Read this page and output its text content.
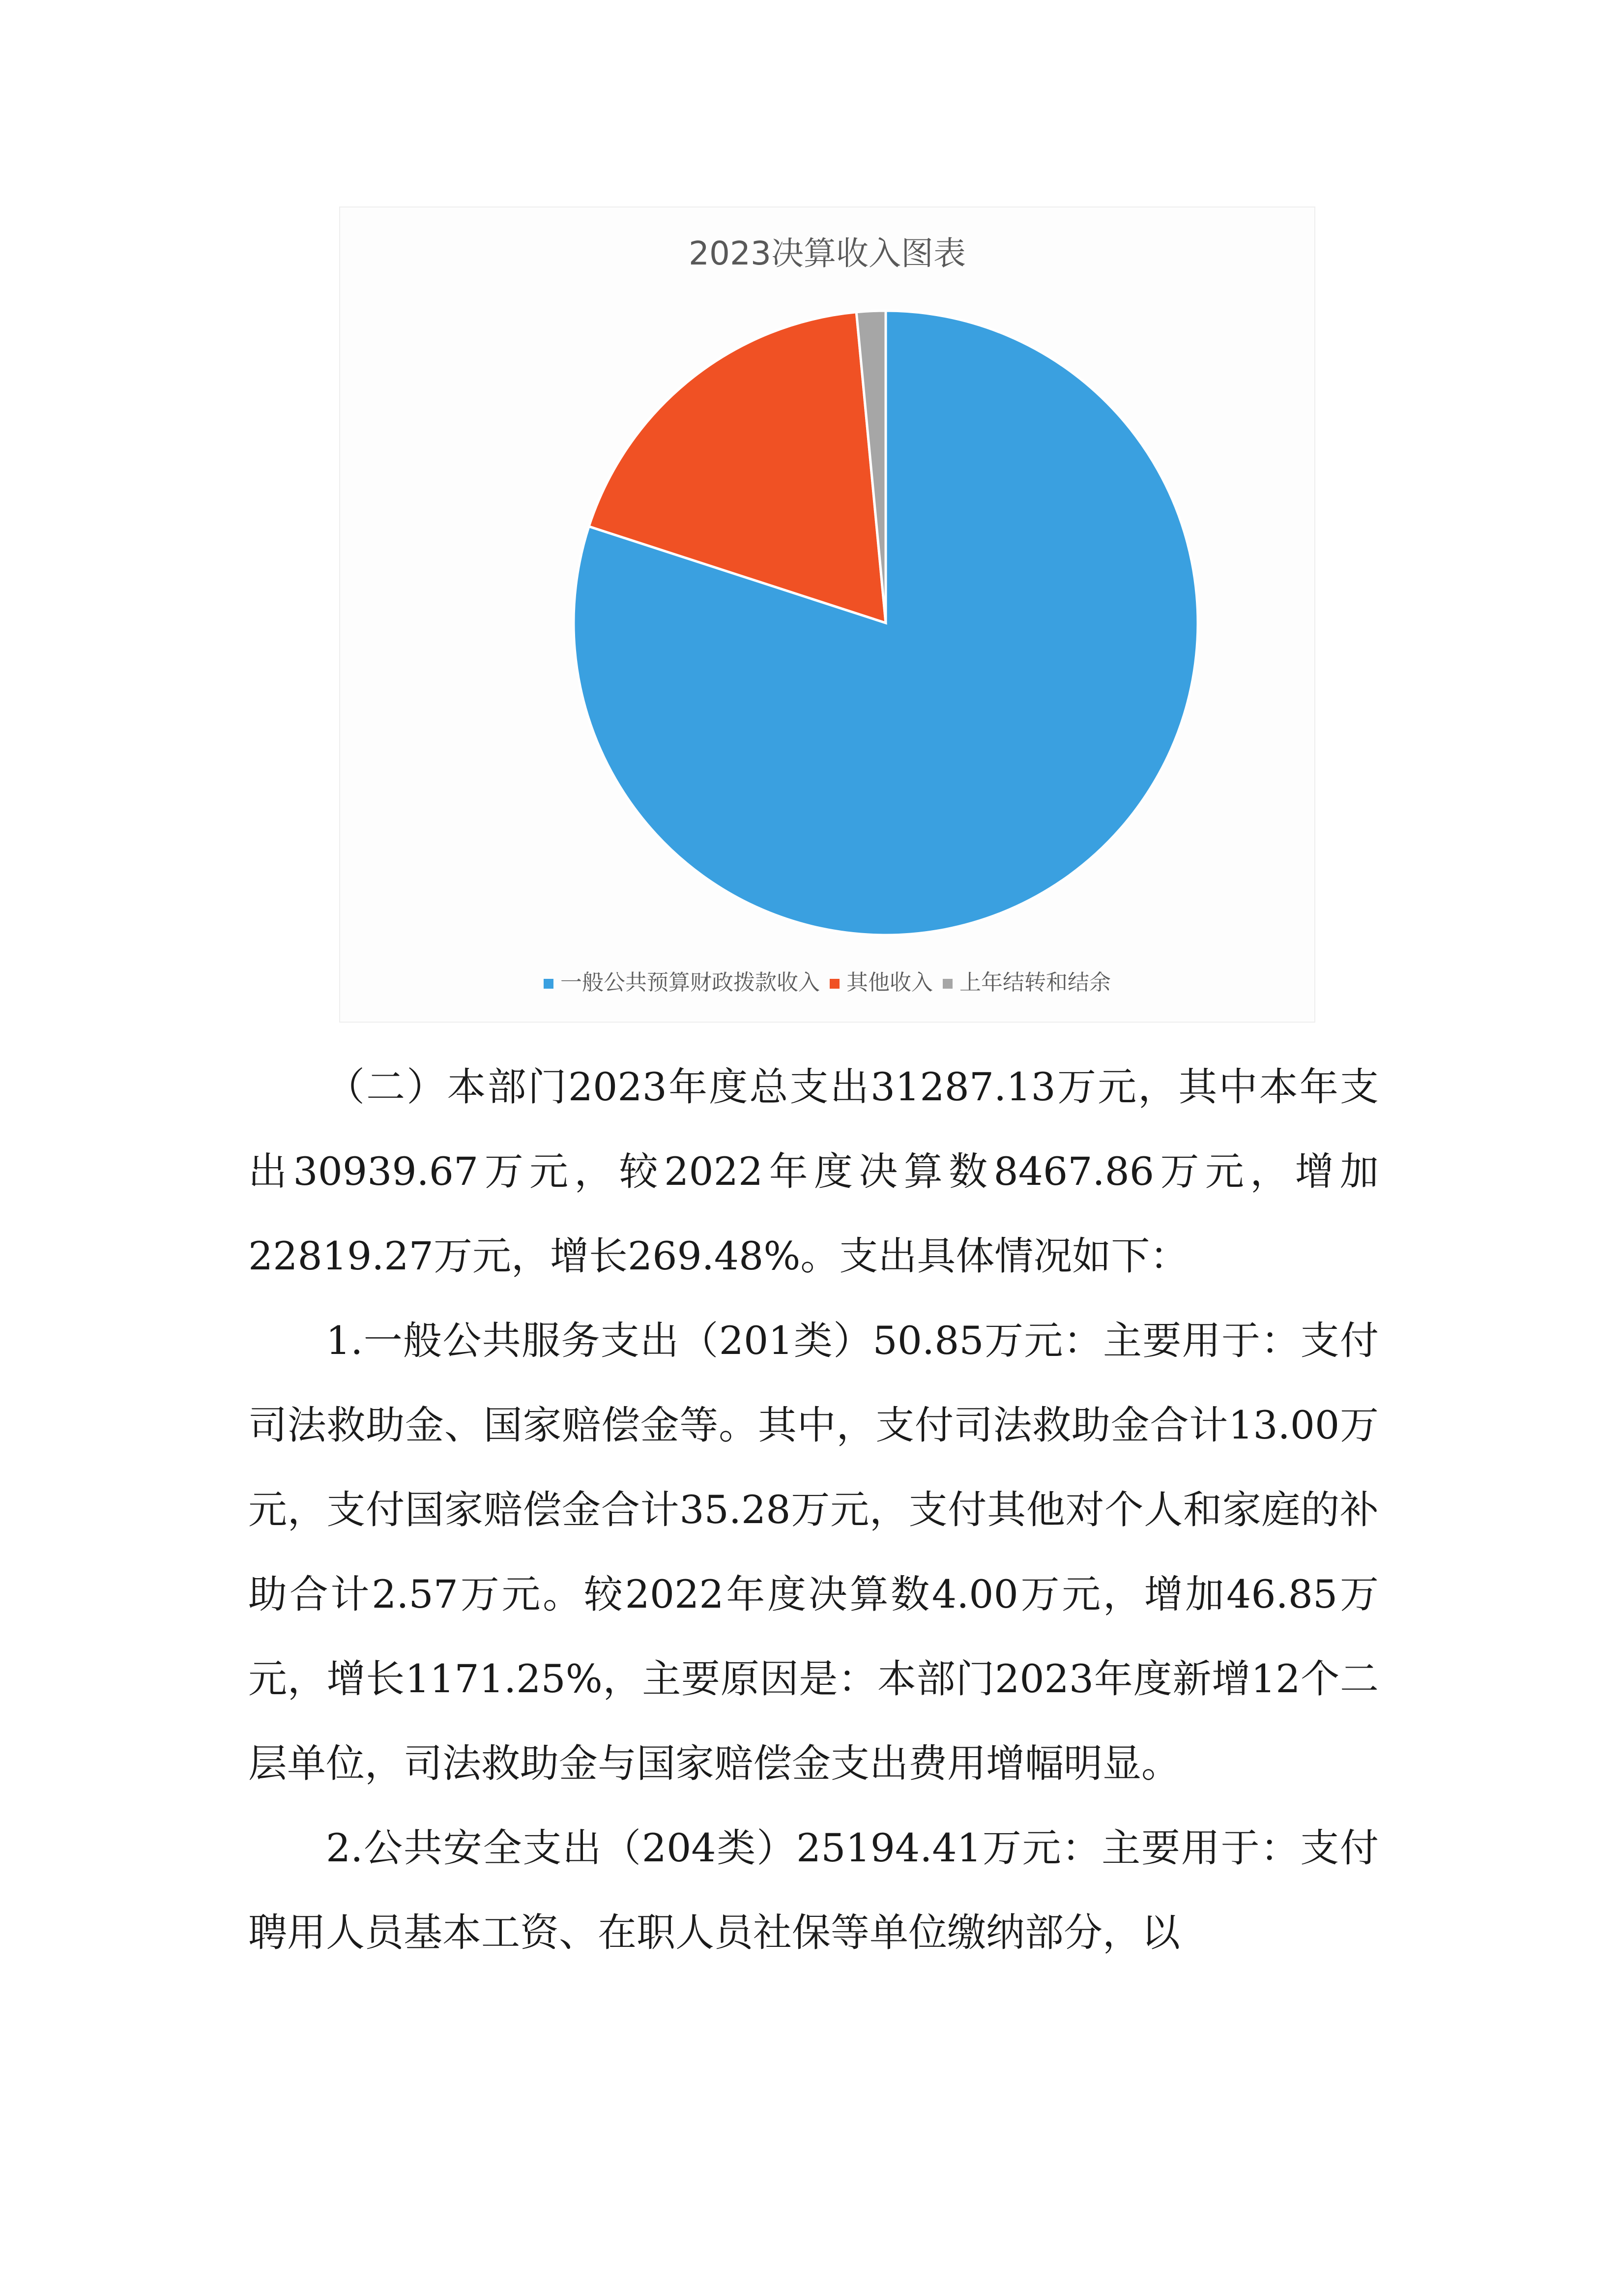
2023决算收入图表
一般公共预算财政拨款收入 其他收入 上年结转和结余

（二）本部门2023年度总支出31287.13万元，其中本年支出30939.67万元，较2022年度决算数8467.86万元，增加22819.27万元，增长269.48%。支出具体情况如下：

1.一般公共服务支出（201类）50.85万元：主要用于：支付司法救助金、国家赔偿金等。其中，支付司法救助金合计13.00万元，支付国家赔偿金合计35.28万元，支付其他对个人和家庭的补助合计2.57万元。较2022年度决算数4.00万元，增加46.85万元，增长1171.25%，主要原因是：本部门2023年度新增12个二层单位，司法救助金与国家赔偿金支出费用增幅明显。

2.公共安全支出（204类）25194.41万元：主要用于：支付聘用人员基本工资、在职人员社保等单位缴纳部分，以
